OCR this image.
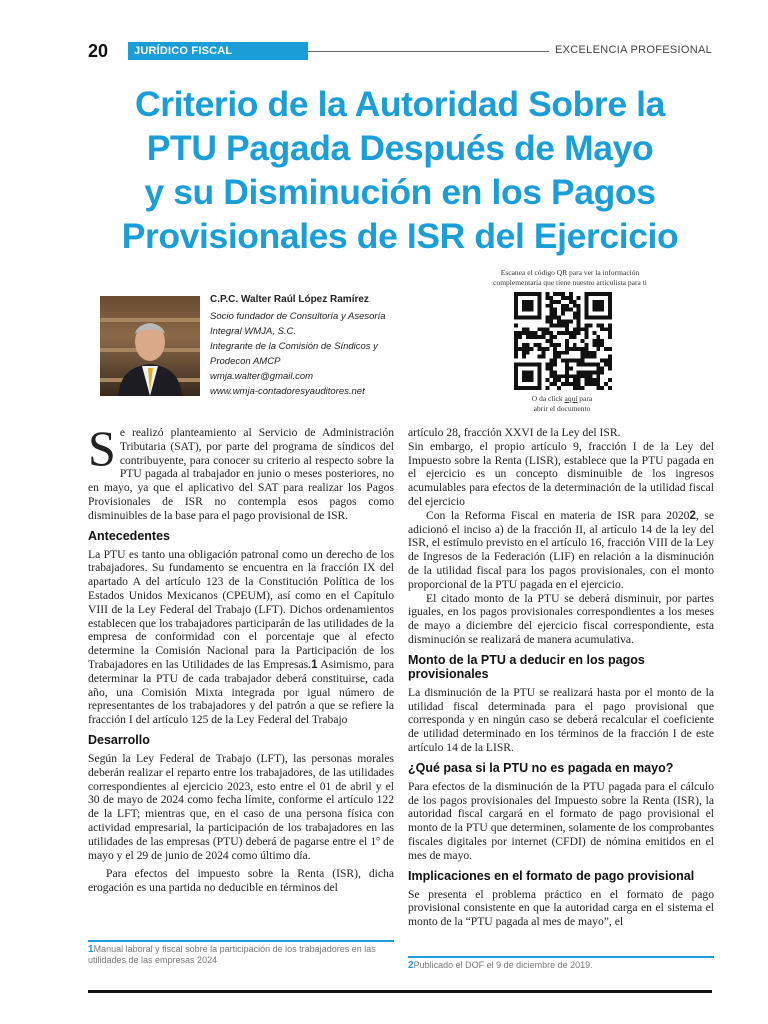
20	JURÍDICO FISCAL	EXCELENCIA PROFESIONAL
Criterio de la Autoridad Sobre la
PTU Pagada Después de Mayo
y su Disminución en los Pagos
Provisionales de ISR del Ejercicio
C.P.C. Walter Raúl López Ramírez
Socio fundador de Consultoría y Asesoría
Integral WMJA, S.C.
Integrante de la Comisión de Síndicos y
Prodecon AMCP
wmja.walter@gmail.com
www.wmja-contadoresyauditores.net
Escanea el código QR para ver la información
complementaria que tiene nuestro articulista para ti
O da click aquí para
abrir el documento

Se realizó planteamiento al Servicio de Administración Tributaria (SAT), por parte del programa de síndicos del contribuyente, para conocer su criterio al respecto sobre la PTU pagada al trabajador en junio o meses posteriores, no en mayo, ya que el aplicativo del SAT para realizar los Pagos Provisionales de ISR no contempla esos pagos como disminuibles de la base para el pago provisional de ISR.

Antecedentes

La PTU es tanto una obligación patronal como un derecho de los trabajadores. Su fundamento se encuentra en la fracción IX del apartado A del artículo 123 de la Constitución Política de los Estados Unidos Mexicanos (CPEUM), así como en el Capítulo VIII de la Ley Federal del Trabajo (LFT). Dichos ordenamientos establecen que los trabajadores participarán de las utilidades de la empresa de conformidad con el porcentaje que al efecto determine la Comisión Nacional para la Participación de los Trabajadores en las Utilidades de las Empresas.1 Asimismo, para determinar la PTU de cada trabajador deberá constituirse, cada año, una Comisión Mixta integrada por igual número de representantes de los trabajadores y del patrón a que se refiere la fracción I del artículo 125 de la Ley Federal del Trabajo

Desarrollo

Según la Ley Federal de Trabajo (LFT), las personas morales deberán realizar el reparto entre los trabajadores, de las utilidades correspondientes al ejercicio 2023, esto entre el 01 de abril y el 30 de mayo de 2024 como fecha límite, conforme el artículo 122 de la LFT; mientras que, en el caso de una persona física con actividad empresarial, la participación de los trabajadores en las utilidades de las empresas (PTU) deberá de pagarse entre el 1º de mayo y el 29 de junio de 2024 como último día.

Para efectos del impuesto sobre la Renta (ISR), dicha erogación es una partida no deducible en términos del

artículo 28, fracción XXVI de la Ley del ISR.

Sin embargo, el propio artículo 9, fracción I de la Ley del Impuesto sobre la Renta (LISR), establece que la PTU pagada en el ejercicio es un concepto disminuible de los ingresos acumulables para efectos de la determinación de la utilidad fiscal del ejercicio

Con la Reforma Fiscal en materia de ISR para 20202, se adicionó el inciso a) de la fracción II, al artículo 14 de la ley del ISR, el estímulo previsto en el artículo 16, fracción VIII de la Ley de Ingresos de la Federación (LIF) en relación a la disminución de la utilidad fiscal para los pagos provisionales, con el monto proporcional de la PTU pagada en el ejercicio.

El citado monto de la PTU se deberá disminuir, por partes iguales, en los pagos provisionales correspondientes a los meses de mayo a diciembre del ejercicio fiscal correspondiente, esta disminución se realizará de manera acumulativa.

Monto de la PTU a deducir en los pagos provisionales

La disminución de la PTU se realizará hasta por el monto de la utilidad fiscal determinada para el pago provisional que corresponda y en ningún caso se deberá recalcular el coeficiente de utilidad determinado en los términos de la fracción I de este artículo 14 de la LISR.

¿Qué pasa si la PTU no es pagada en mayo?

Para efectos de la disminución de la PTU pagada para el cálculo de los pagos provisionales del Impuesto sobre la Renta (ISR), la autoridad fiscal cargará en el formato de pago provisional el monto de la PTU que determinen, solamente de los comprobantes fiscales digitales por internet (CFDI) de nómina emitidos en el mes de mayo.

Implicaciones en el formato de pago provisional

Se presenta el problema práctico en el formato de pago provisional consistente en que la autoridad carga en el sistema el monto de la “PTU pagada al mes de mayo”, el

1Manual laboral y fiscal sobre la participación de los trabajadores en las utilidades de las empresas 2024	2Publicado el DOF el 9 de diciembre de 2019.
